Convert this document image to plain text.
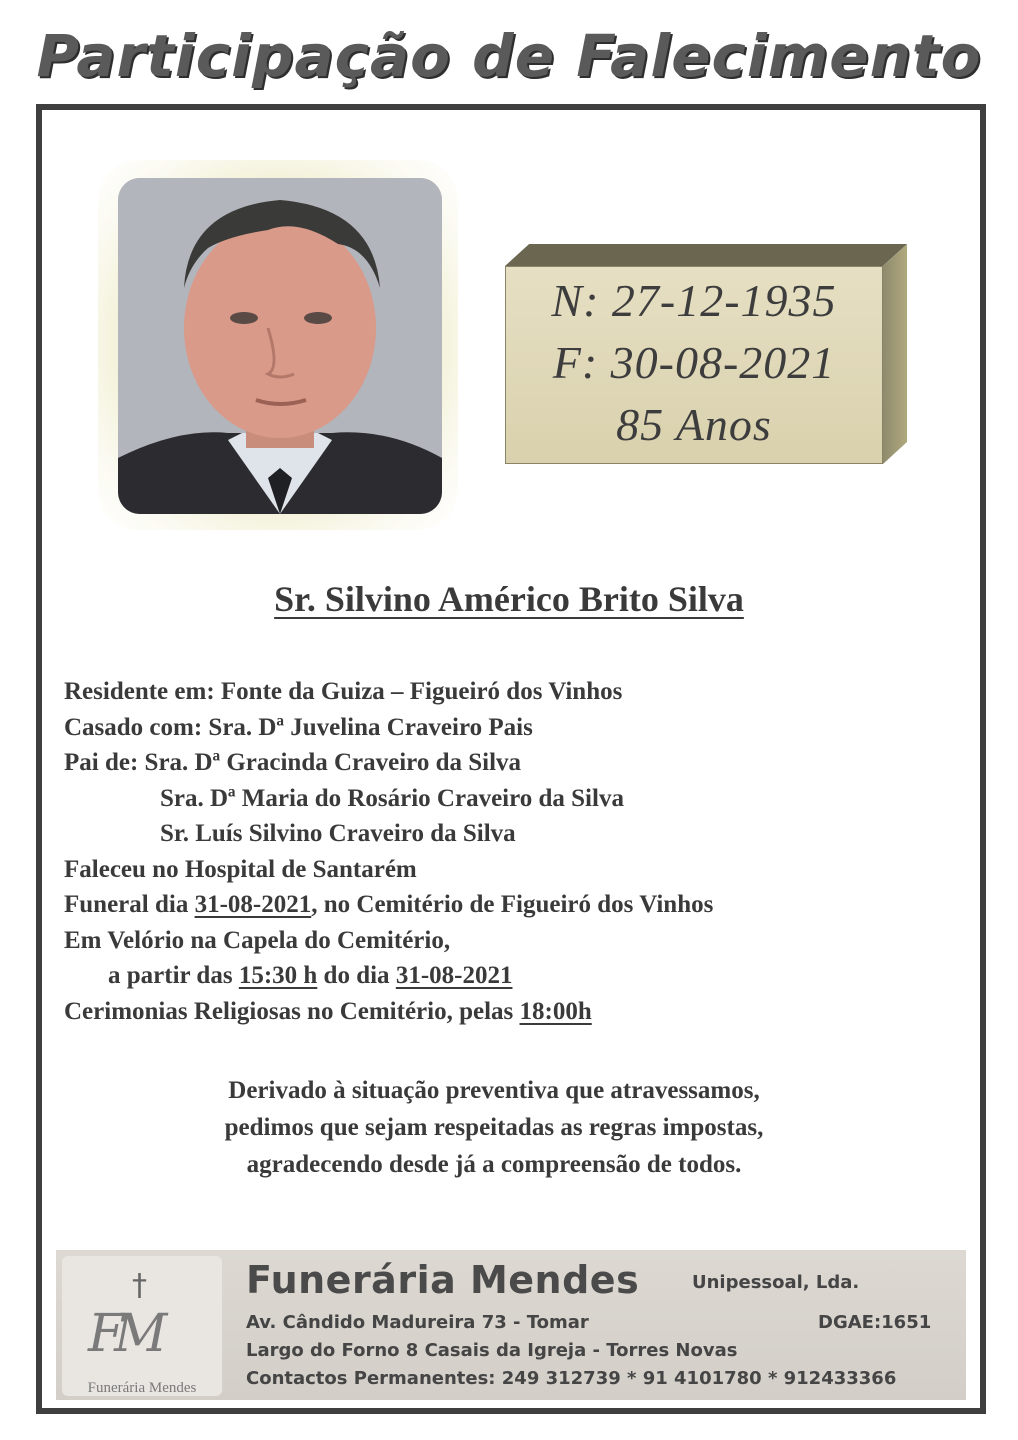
Participação de Falecimento
N: 27-12-1935
F: 30-08-2021
85 Anos
Sr. Silvino Américo Brito Silva
Residente em: Fonte da Guiza – Figueiró dos Vinhos
Casado com: Sra. Dª Juvelina Craveiro Pais
Pai de: Sra. Dª Gracinda Craveiro da Silva
Sra. Dª Maria do Rosário Craveiro da Silva
Sr. Luís Silvino Craveiro da Silva
Faleceu no Hospital de Santarém
Funeral dia 31-08-2021, no Cemitério de Figueiró dos Vinhos
Em Velório na Capela do Cemitério,
a partir das 15:30 h do dia 31-08-2021
Cerimonias Religiosas no Cemitério, pelas 18:00h
Derivado à situação preventiva que atravessamos,
pedimos que sejam respeitadas as regras impostas,
agradecendo desde já a compreensão de todos.
†
FM
Funerária Mendes
Funerária Mendes	Unipessoal, Lda.
Av. Cândido Madureira 73 - Tomar	DGAE:1651
Largo do Forno 8 Casais da Igreja - Torres Novas
Contactos Permanentes: 249 312739 * 91 4101780 * 912433366
